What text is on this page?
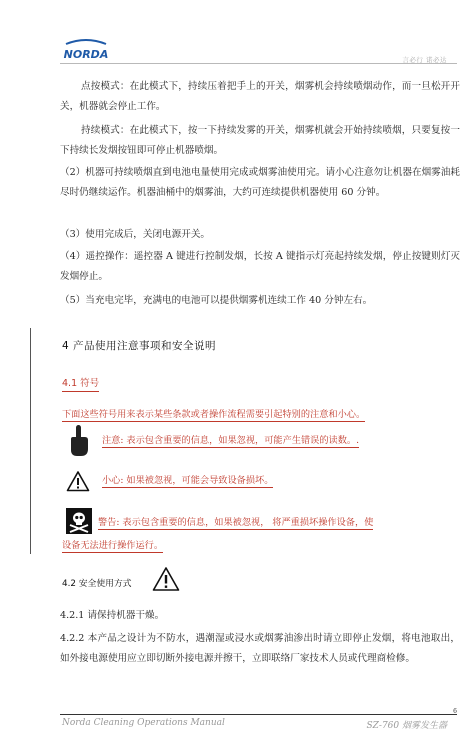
NORDA	言必行 诺必达

点按模式：在此模式下，持续压着把手上的开关，烟雾机会持续喷烟动作，而一旦松开开关，机器就会停止工作。

持续模式：在此模式下，按一下持续发雾的开关，烟雾机就会开始持续喷烟，只要复按一下持续长发烟按钮即可停止机器喷烟。

（2）机器可持续喷烟直到电池电量使用完成或烟雾油使用完。请小心注意勿让机器在烟雾油耗尽时仍继续运作。机器油桶中的烟雾油，大约可连续提供机器使用 60 分钟。

（3）使用完成后，关闭电源开关。

（4）遥控操作：遥控器 A 键进行控制发烟，长按 A 键指示灯亮起持续发烟，停止按键则灯灭发烟停止。

（5）当充电完毕，充满电的电池可以提供烟雾机连续工作 40 分钟左右。

4 产品使用注意事项和安全说明
4.1 符号
下面这些符号用来表示某些条款或者操作流程需要引起特别的注意和小心。
注意: 表示包含重要的信息，如果忽视，可能产生错误的读数。.
小心: 如果被忽视，可能会导致设备损坏。
警告: 表示包含重要的信息，如果被忽视， 将严重损坏操作设备，使
设备无法进行操作运行。
4.2 安全使用方式

4.2.1 请保持机器干燥。

4.2.2 本产品之设计为不防水，遇潮湿或浸水或烟雾油渗出时请立即停止发烟，将电池取出，如外接电源使用应立即切断外接电源并擦干，立即联络厂家技术人员或代理商检修。

6
Norda Cleaning Operations Manual	SZ-760 烟雾发生器
